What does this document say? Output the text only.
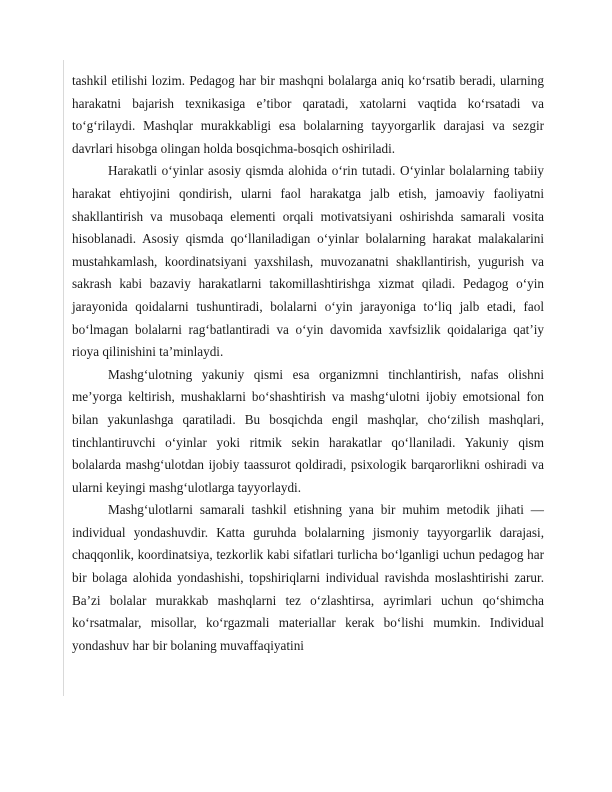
tashkil etilishi lozim. Pedagog har bir mashqni bolalarga aniq ko‘rsatib beradi, ularning harakatni bajarish texnikasiga e’tibor qaratadi, xatolarni vaqtida ko‘rsatadi va to‘g‘rilaydi. Mashqlar murakkabligi esa bolalarning tayyorgarlik darajasi va sezgir davrlari hisobga olingan holda bosqichma-bosqich oshiriladi.

Harakatli o‘yinlar asosiy qismda alohida o‘rin tutadi. O‘yinlar bolalarning tabiiy harakat ehtiyojini qondirish, ularni faol harakatga jalb etish, jamoaviy faoliyatni shakllantirish va musobaqa elementi orqali motivatsiyani oshirishda samarali vosita hisoblanadi. Asosiy qismda qo‘llaniladigan o‘yinlar bolalarning harakat malakalarini mustahkamlash, koordinatsiyani yaxshilash, muvozanatni shakllantirish, yugurish va sakrash kabi bazaviy harakatlarni takomillashtirishga xizmat qiladi. Pedagog o‘yin jarayonida qoidalarni tushuntiradi, bolalarni o‘yin jarayoniga to‘liq jalb etadi, faol bo‘lmagan bolalarni rag‘batlantiradi va o‘yin davomida xavfsizlik qoidalariga qat’iy rioya qilinishini ta’minlaydi.

Mashg‘ulotning yakuniy qismi esa organizmni tinchlantirish, nafas olishni me’yorga keltirish, mushaklarni bo‘shashtirish va mashg‘ulotni ijobiy emotsional fon bilan yakunlashga qaratiladi. Bu bosqichda engil mashqlar, cho‘zilish mashqlari, tinchlantiruvchi o‘yinlar yoki ritmik sekin harakatlar qo‘llaniladi. Yakuniy qism bolalarda mashg‘ulotdan ijobiy taassurot qoldiradi, psixologik barqarorlikni oshiradi va ularni keyingi mashg‘ulotlarga tayyorlaydi.

Mashg‘ulotlarni samarali tashkil etishning yana bir muhim metodik jihati — individual yondashuvdir. Katta guruhda bolalarning jismoniy tayyorgarlik darajasi, chaqqonlik, koordinatsiya, tezkorlik kabi sifatlari turlicha bo‘lganligi uchun pedagog har bir bolaga alohida yondashishi, topshiriqlarni individual ravishda moslashtirishi zarur. Ba’zi bolalar murakkab mashqlarni tez o‘zlashtirsa, ayrimlari uchun qo‘shimcha ko‘rsatmalar, misollar, ko‘rgazmali materiallar kerak bo‘lishi mumkin. Individual yondashuv har bir bolaning muvaffaqiyatini
